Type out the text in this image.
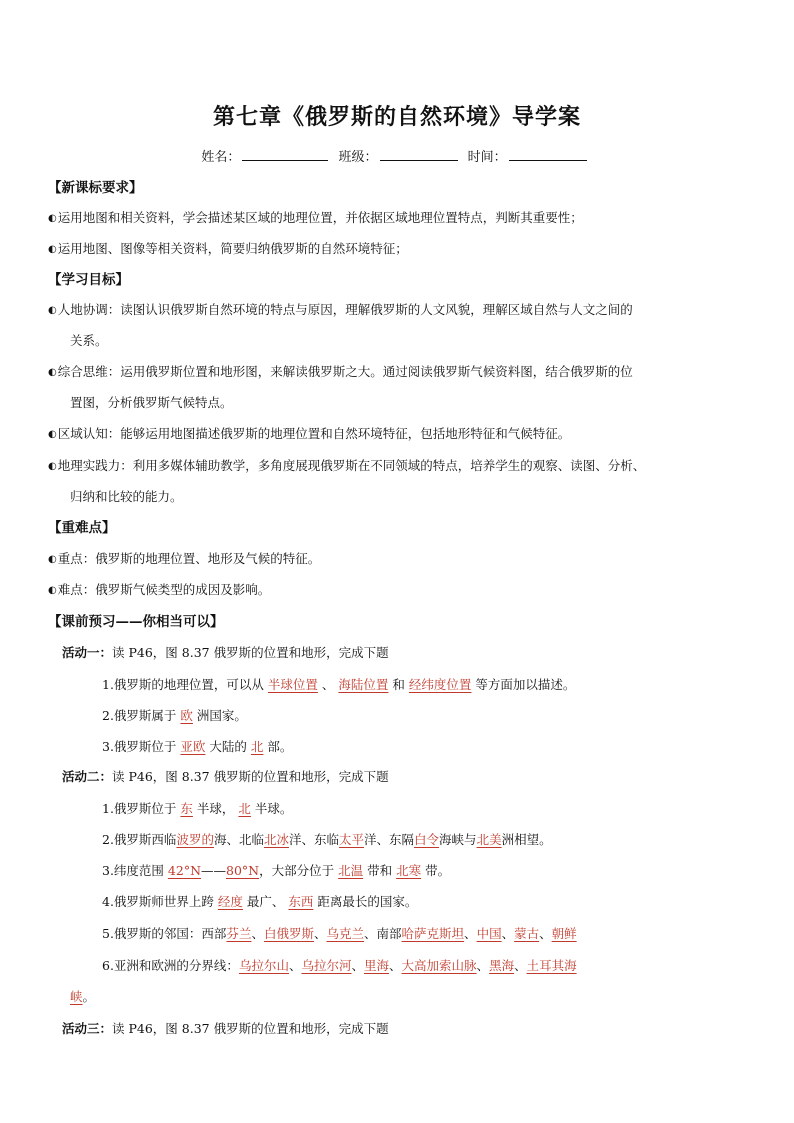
第七章《俄罗斯的自然环境》导学案
姓名：	班级：	时间：
【新课标要求】
◐运用地图和相关资料，学会描述某区域的地理位置，并依据区域地理位置特点，判断其重要性；
◐运用地图、图像等相关资料，简要归纳俄罗斯的自然环境特征；
【学习目标】
◐人地协调：读图认识俄罗斯自然环境的特点与原因，理解俄罗斯的人文风貌，理解区域自然与人文之间的
关系。
◐综合思维：运用俄罗斯位置和地形图，来解读俄罗斯之大。通过阅读俄罗斯气候资料图，结合俄罗斯的位
置图，分析俄罗斯气候特点。
◐区域认知：能够运用地图描述俄罗斯的地理位置和自然环境特征，包括地形特征和气候特征。
◐地理实践力：利用多媒体辅助教学，多角度展现俄罗斯在不同领域的特点，培养学生的观察、读图、分析、
归纳和比较的能力。
【重难点】
◐重点：俄罗斯的地理位置、地形及气候的特征。
◐难点：俄罗斯气候类型的成因及影响。
【课前预习——你相当可以】
活动一：读 P46，图 8.37 俄罗斯的位置和地形，完成下题
1.俄罗斯的地理位置，可以从 半球位置 、 海陆位置 和 经纬度位置 等方面加以描述。
2.俄罗斯属于 欧 洲国家。
3.俄罗斯位于 亚欧 大陆的 北 部。
活动二：读 P46，图 8.37 俄罗斯的位置和地形，完成下题
1.俄罗斯位于 东 半球， 北 半球。
2.俄罗斯西临波罗的海、北临北冰洋、东临太平洋、东隔白令海峡与北美洲相望。
3.纬度范围 42°N——80°N，大部分位于 北温 带和 北寒 带。
4.俄罗斯师世界上跨 经度 最广、 东西 距离最长的国家。
5.俄罗斯的邻国：西部芬兰、白俄罗斯、乌克兰、南部哈萨克斯坦、中国、蒙古、朝鲜
6.亚洲和欧洲的分界线：乌拉尔山、乌拉尔河、里海、大高加索山脉、黑海、土耳其海
峡。
活动三：读 P46，图 8.37 俄罗斯的位置和地形，完成下题
